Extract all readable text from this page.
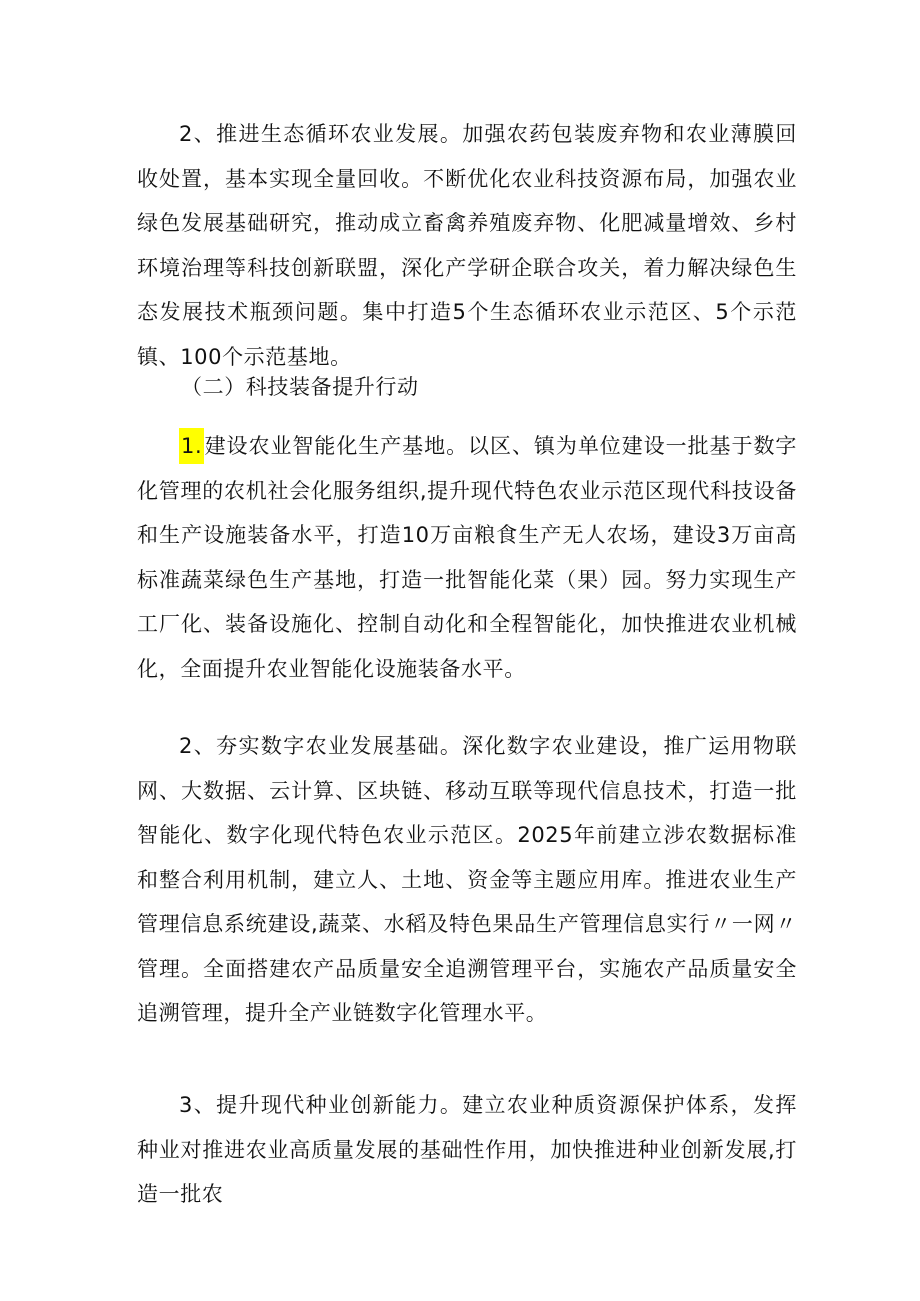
2、推进生态循环农业发展。加强农药包装废弃物和农业薄膜回收处置，基本实现全量回收。不断优化农业科技资源布局，加强农业绿色发展基础研究，推动成立畜禽养殖废弃物、化肥减量增效、乡村环境治理等科技创新联盟，深化产学研企联合攻关，着力解决绿色生态发展技术瓶颈问题。集中打造5个生态循环农业示范区、5个示范镇、100个示范基地。

（二）科技装备提升行动

1.建设农业智能化生产基地。以区、镇为单位建设一批基于数字化管理的农机社会化服务组织,提升现代特色农业示范区现代科技设备和生产设施装备水平，打造10万亩粮食生产无人农场，建设3万亩高标准蔬菜绿色生产基地，打造一批智能化菜（果）园。努力实现生产工厂化、装备设施化、控制自动化和全程智能化，加快推进农业机械化，全面提升农业智能化设施装备水平。

2、夯实数字农业发展基础。深化数字农业建设，推广运用物联网、大数据、云计算、区块链、移动互联等现代信息技术，打造一批智能化、数字化现代特色农业示范区。2025年前建立涉农数据标准和整合利用机制，建立人、土地、资金等主题应用库。推进农业生产管理信息系统建设,蔬菜、水稻及特色果品生产管理信息实行〃一网〃管理。全面搭建农产品质量安全追溯管理平台，实施农产品质量安全追溯管理，提升全产业链数字化管理水平。

3、提升现代种业创新能力。建立农业种质资源保护体系，发挥种业对推进农业高质量发展的基础性作用，加快推进种业创新发展,打造一批农
